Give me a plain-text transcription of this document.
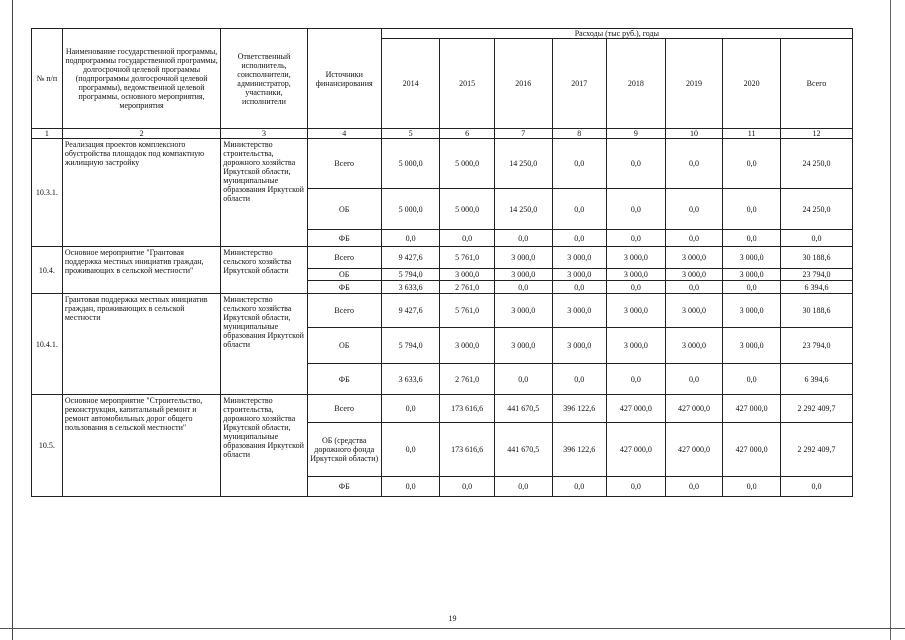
№ п/п	Наименование государственной программы, подпрограммы государственной программы, долгосрочной целевой программы (подпрограммы долгосрочной целевой программы), ведомственной целевой программы, основного мероприятия, мероприятия	Ответственный исполнитель, соисполнители, администратор, участники, исполнители	Источники финансирования	Расходы (тыс руб.), годы							
				2014	2015	2016	2017	2018	2019	2020	Всего
1	2	3	4	5	6	7	8	9	10	11	12
10.3.1.	Реализация проектов комплексного обустройства площадок под компактную жилищную застройку	Министерство строительства, дорожного хозяйства Иркутской области, муниципальные образования Иркутской области	Всего	5 000,0	5 000,0	14 250,0	0,0	0,0	0,0	0,0	24 250,0
			ОБ	5 000,0	5 000,0	14 250,0	0,0	0,0	0,0	0,0	24 250,0
			ФБ	0,0	0,0	0,0	0,0	0,0	0,0	0,0	0,0
10.4.	Основное мероприятие "Грантовая поддержка местных инициатив граждан, проживающих в сельской местности"	Министерство сельского хозяйства Иркутской области	Всего	9 427,6	5 761,0	3 000,0	3 000,0	3 000,0	3 000,0	3 000,0	30 188,6
			ОБ	5 794,0	3 000,0	3 000,0	3 000,0	3 000,0	3 000,0	3 000,0	23 794,0
			ФБ	3 633,6	2 761,0	0,0	0,0	0,0	0,0	0,0	6 394,6
10.4.1.	Грантовая поддержка местных инициатив граждан, проживающих в сельской местности	Министерство сельского хозяйства Иркутской области, муниципальные образования Иркутской области	Всего	9 427,6	5 761,0	3 000,0	3 000,0	3 000,0	3 000,0	3 000,0	30 188,6
			ОБ	5 794,0	3 000,0	3 000,0	3 000,0	3 000,0	3 000,0	3 000,0	23 794,0
			ФБ	3 633,6	2 761,0	0,0	0,0	0,0	0,0	0,0	6 394,6
10.5.	Основное мероприятие "Строительство, реконструкция, капитальный ремонт и ремонт автомобильных дорог общего пользования в сельской местности"	Министерство строительства, дорожного хозяйства Иркутской области, муниципальные образования Иркутской области	Всего	0,0	173 616,6	441 670,5	396 122,6	427 000,0	427 000,0	427 000,0	2 292 409,7
			ОБ (средства дорожного фонда Иркутской области)	0,0	173 616,6	441 670,5	396 122,6	427 000,0	427 000,0	427 000,0	2 292 409,7
			ФБ	0,0	0,0	0,0	0,0	0,0	0,0	0,0	0,0
19
